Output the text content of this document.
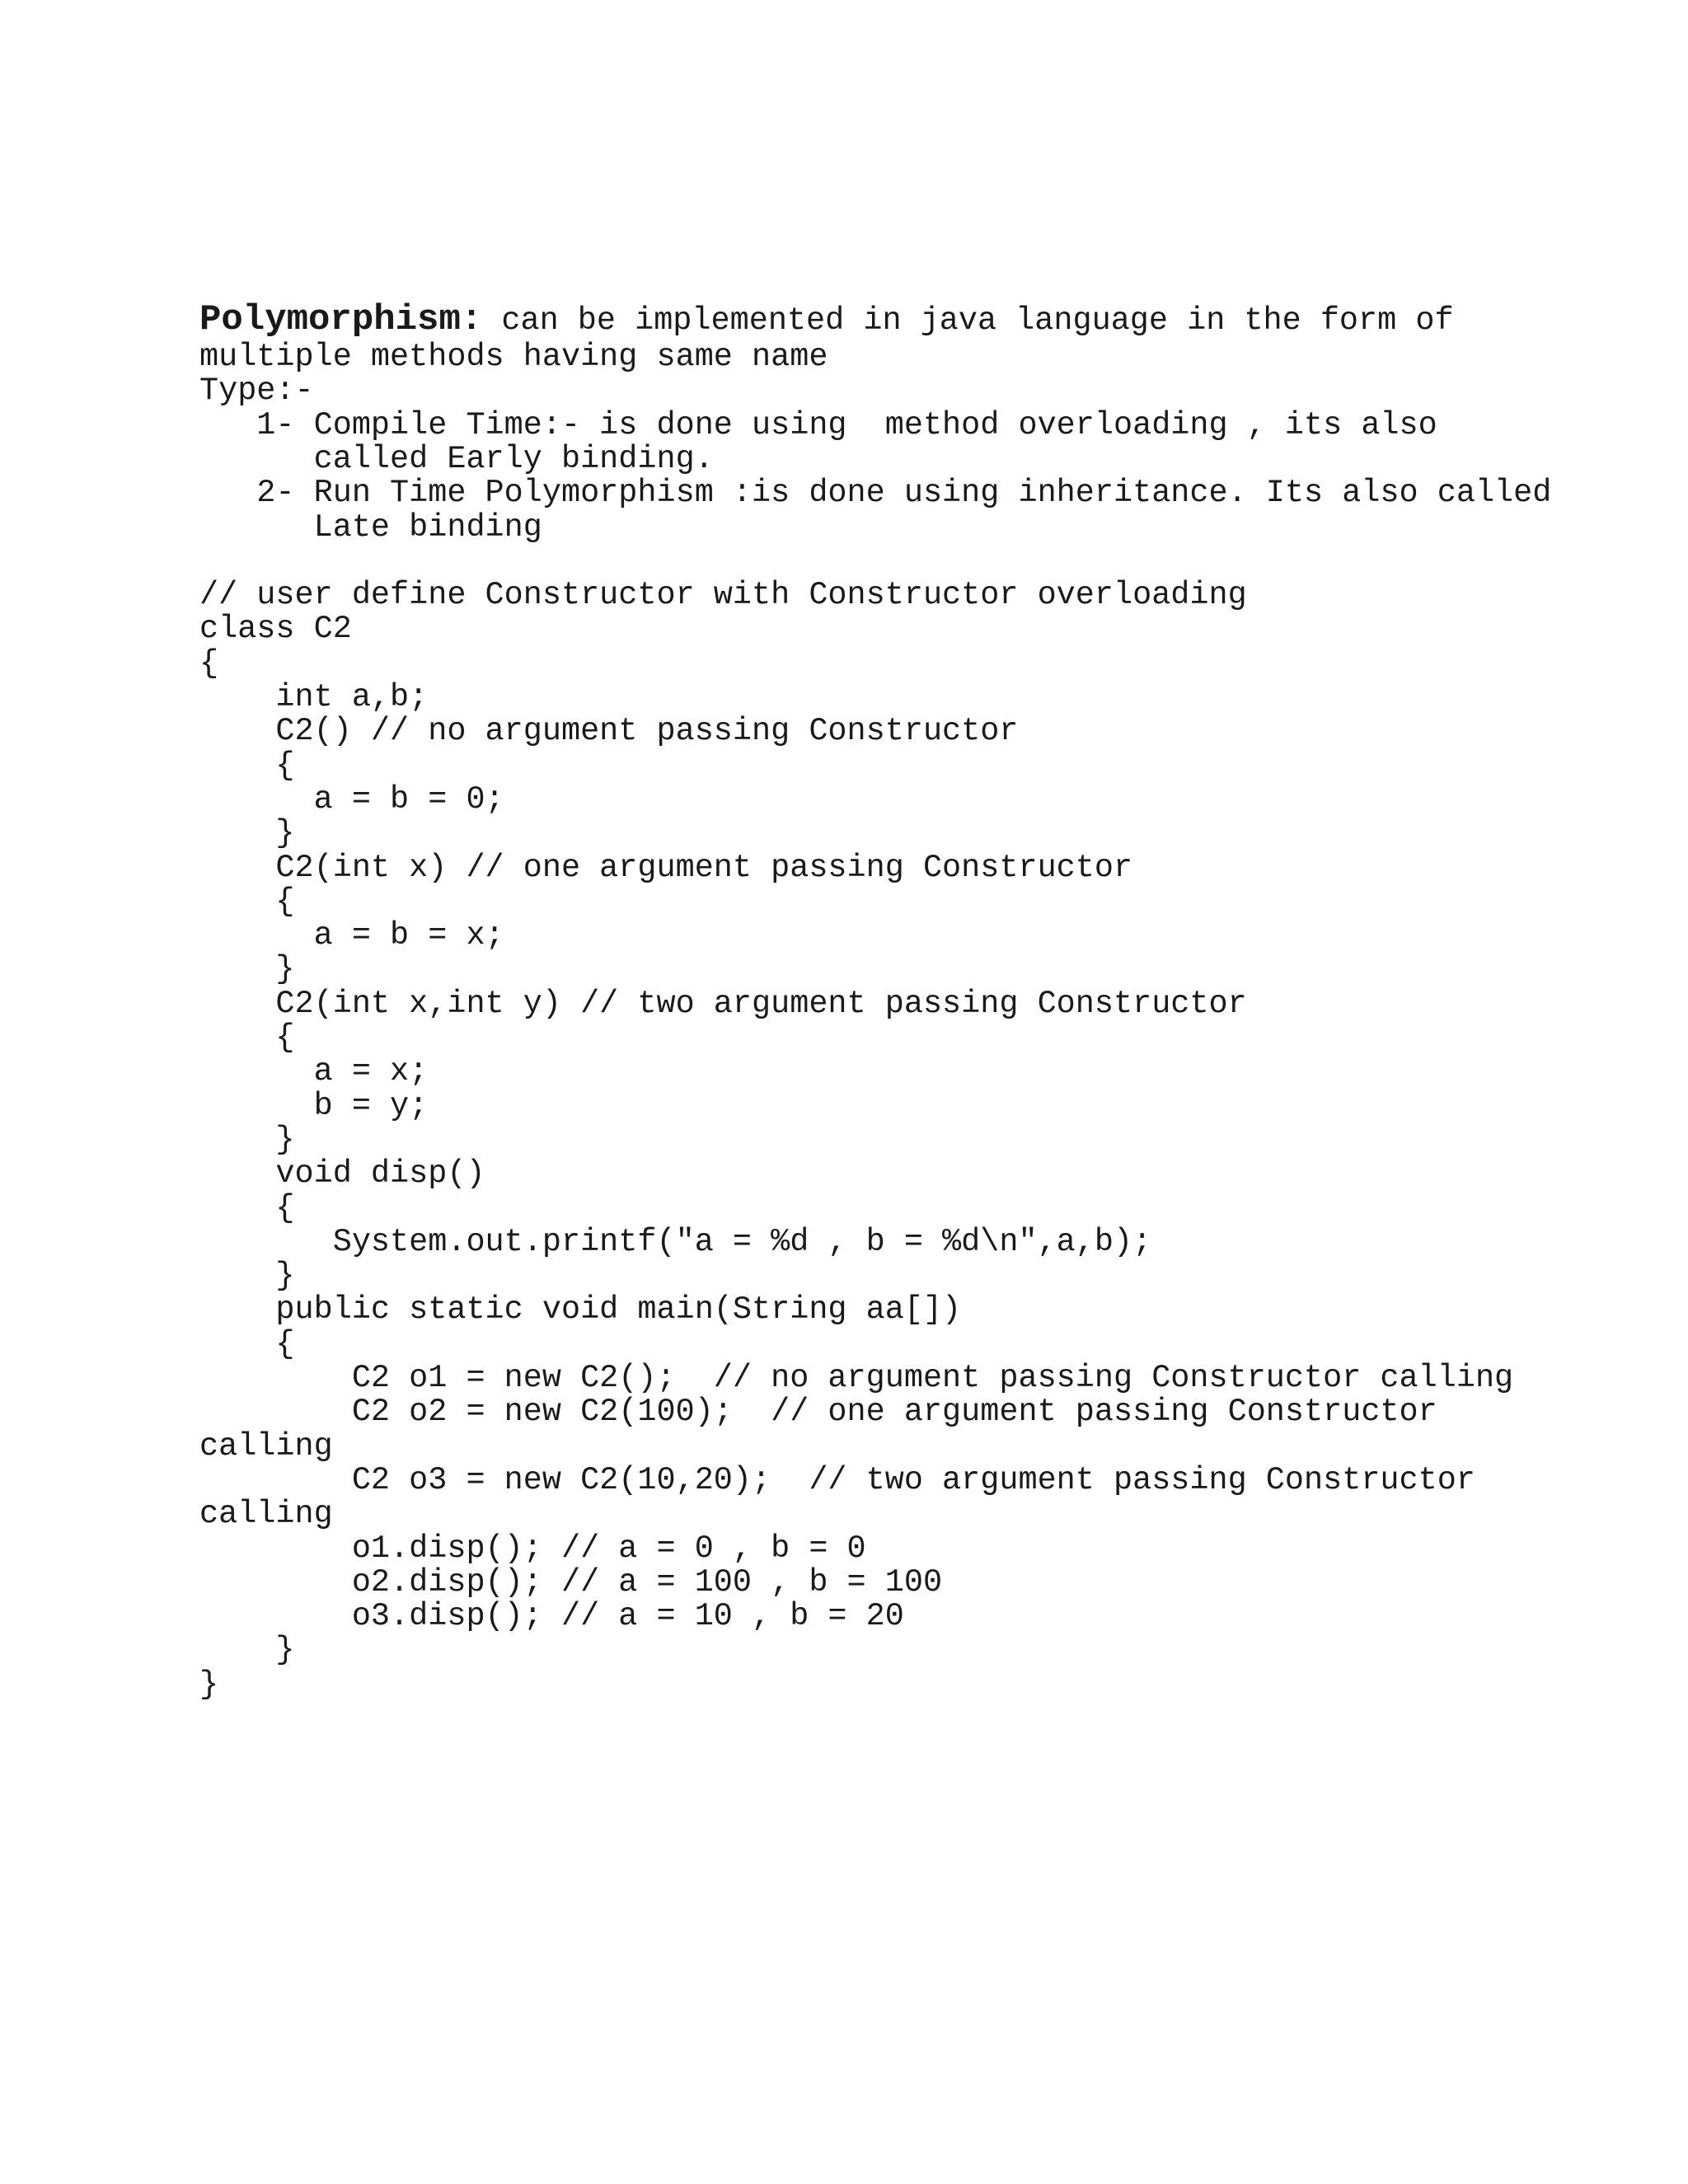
Polymorphism: can be implemented in java language in the form of
multiple methods having same name
Type:-
1- Compile Time:- is done using  method overloading , its also
called Early binding.
2- Run Time Polymorphism :is done using inheritance. Its also called
Late binding
// user define Constructor with Constructor overloading
class C2
{
int a,b;
C2() // no argument passing Constructor
{
a = b = 0;
}
C2(int x) // one argument passing Constructor
{
a = b = x;
}
C2(int x,int y) // two argument passing Constructor
{
a = x;
b = y;
}
void disp()
{
System.out.printf("a = %d , b = %d\n",a,b);
}
public static void main(String aa[])
{
C2 o1 = new C2();  // no argument passing Constructor calling
C2 o2 = new C2(100);  // one argument passing Constructor
calling
C2 o3 = new C2(10,20);  // two argument passing Constructor
calling
o1.disp(); // a = 0 , b = 0
o2.disp(); // a = 100 , b = 100
o3.disp(); // a = 10 , b = 20
}
}
